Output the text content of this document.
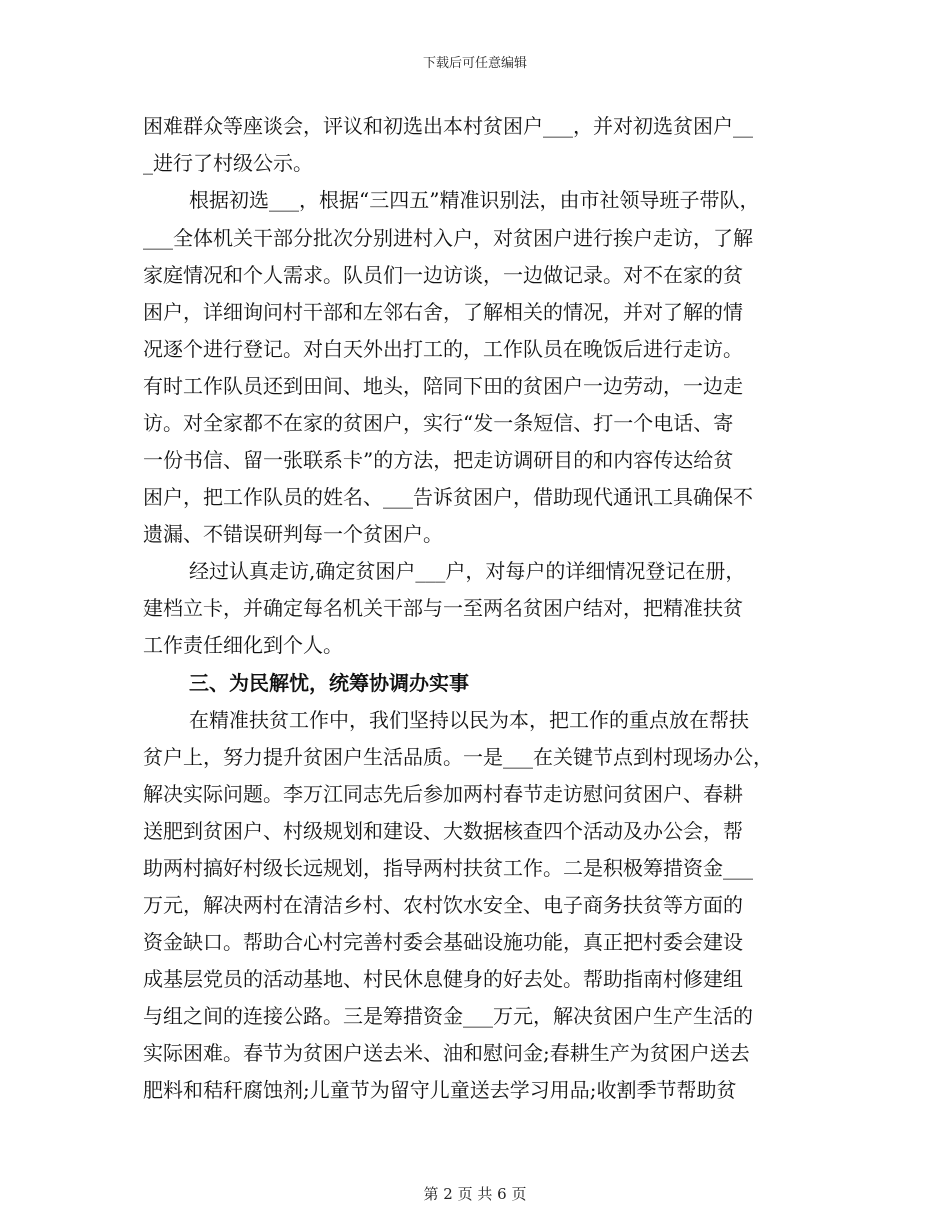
下载后可任意编辑
困难群众等座谈会，评议和初选出本村贫困户___，并对初选贫困户__
_进行了村级公示。
根据初选___，根据“三四五”精准识别法，由市社领导班子带队，
___全体机关干部分批次分别进村入户，对贫困户进行挨户走访，了解
家庭情况和个人需求。队员们一边访谈，一边做记录。对不在家的贫
困户，详细询问村干部和左邻右舍，了解相关的情况，并对了解的情
况逐个进行登记。对白天外出打工的，工作队员在晚饭后进行走访。
有时工作队员还到田间、地头，陪同下田的贫困户一边劳动，一边走
访。对全家都不在家的贫困户，实行“发一条短信、打一个电话、寄
一份书信、留一张联系卡”的方法，把走访调研目的和内容传达给贫
困户，把工作队员的姓名、___告诉贫困户，借助现代通讯工具确保不
遗漏、不错误研判每一个贫困户。
经过认真走访,确定贫困户___户，对每户的详细情况登记在册，
建档立卡，并确定每名机关干部与一至两名贫困户结对，把精准扶贫
工作责任细化到个人。
三、为民解忧，统筹协调办实事
在精准扶贫工作中，我们坚持以民为本，把工作的重点放在帮扶
贫户上，努力提升贫困户生活品质。一是___在关键节点到村现场办公，
解决实际问题。李万江同志先后参加两村春节走访慰问贫困户、春耕
送肥到贫困户、村级规划和建设、大数据核查四个活动及办公会，帮
助两村搞好村级长远规划，指导两村扶贫工作。二是积极筹措资金___
万元，解决两村在清洁乡村、农村饮水安全、电子商务扶贫等方面的
资金缺口。帮助合心村完善村委会基础设施功能，真正把村委会建设
成基层党员的活动基地、村民休息健身的好去处。帮助指南村修建组
与组之间的连接公路。三是筹措资金___万元，解决贫困户生产生活的
实际困难。春节为贫困户送去米、油和慰问金;春耕生产为贫困户送去
肥料和秸秆腐蚀剂;儿童节为留守儿童送去学习用品;收割季节帮助贫
第 2 页 共 6 页
